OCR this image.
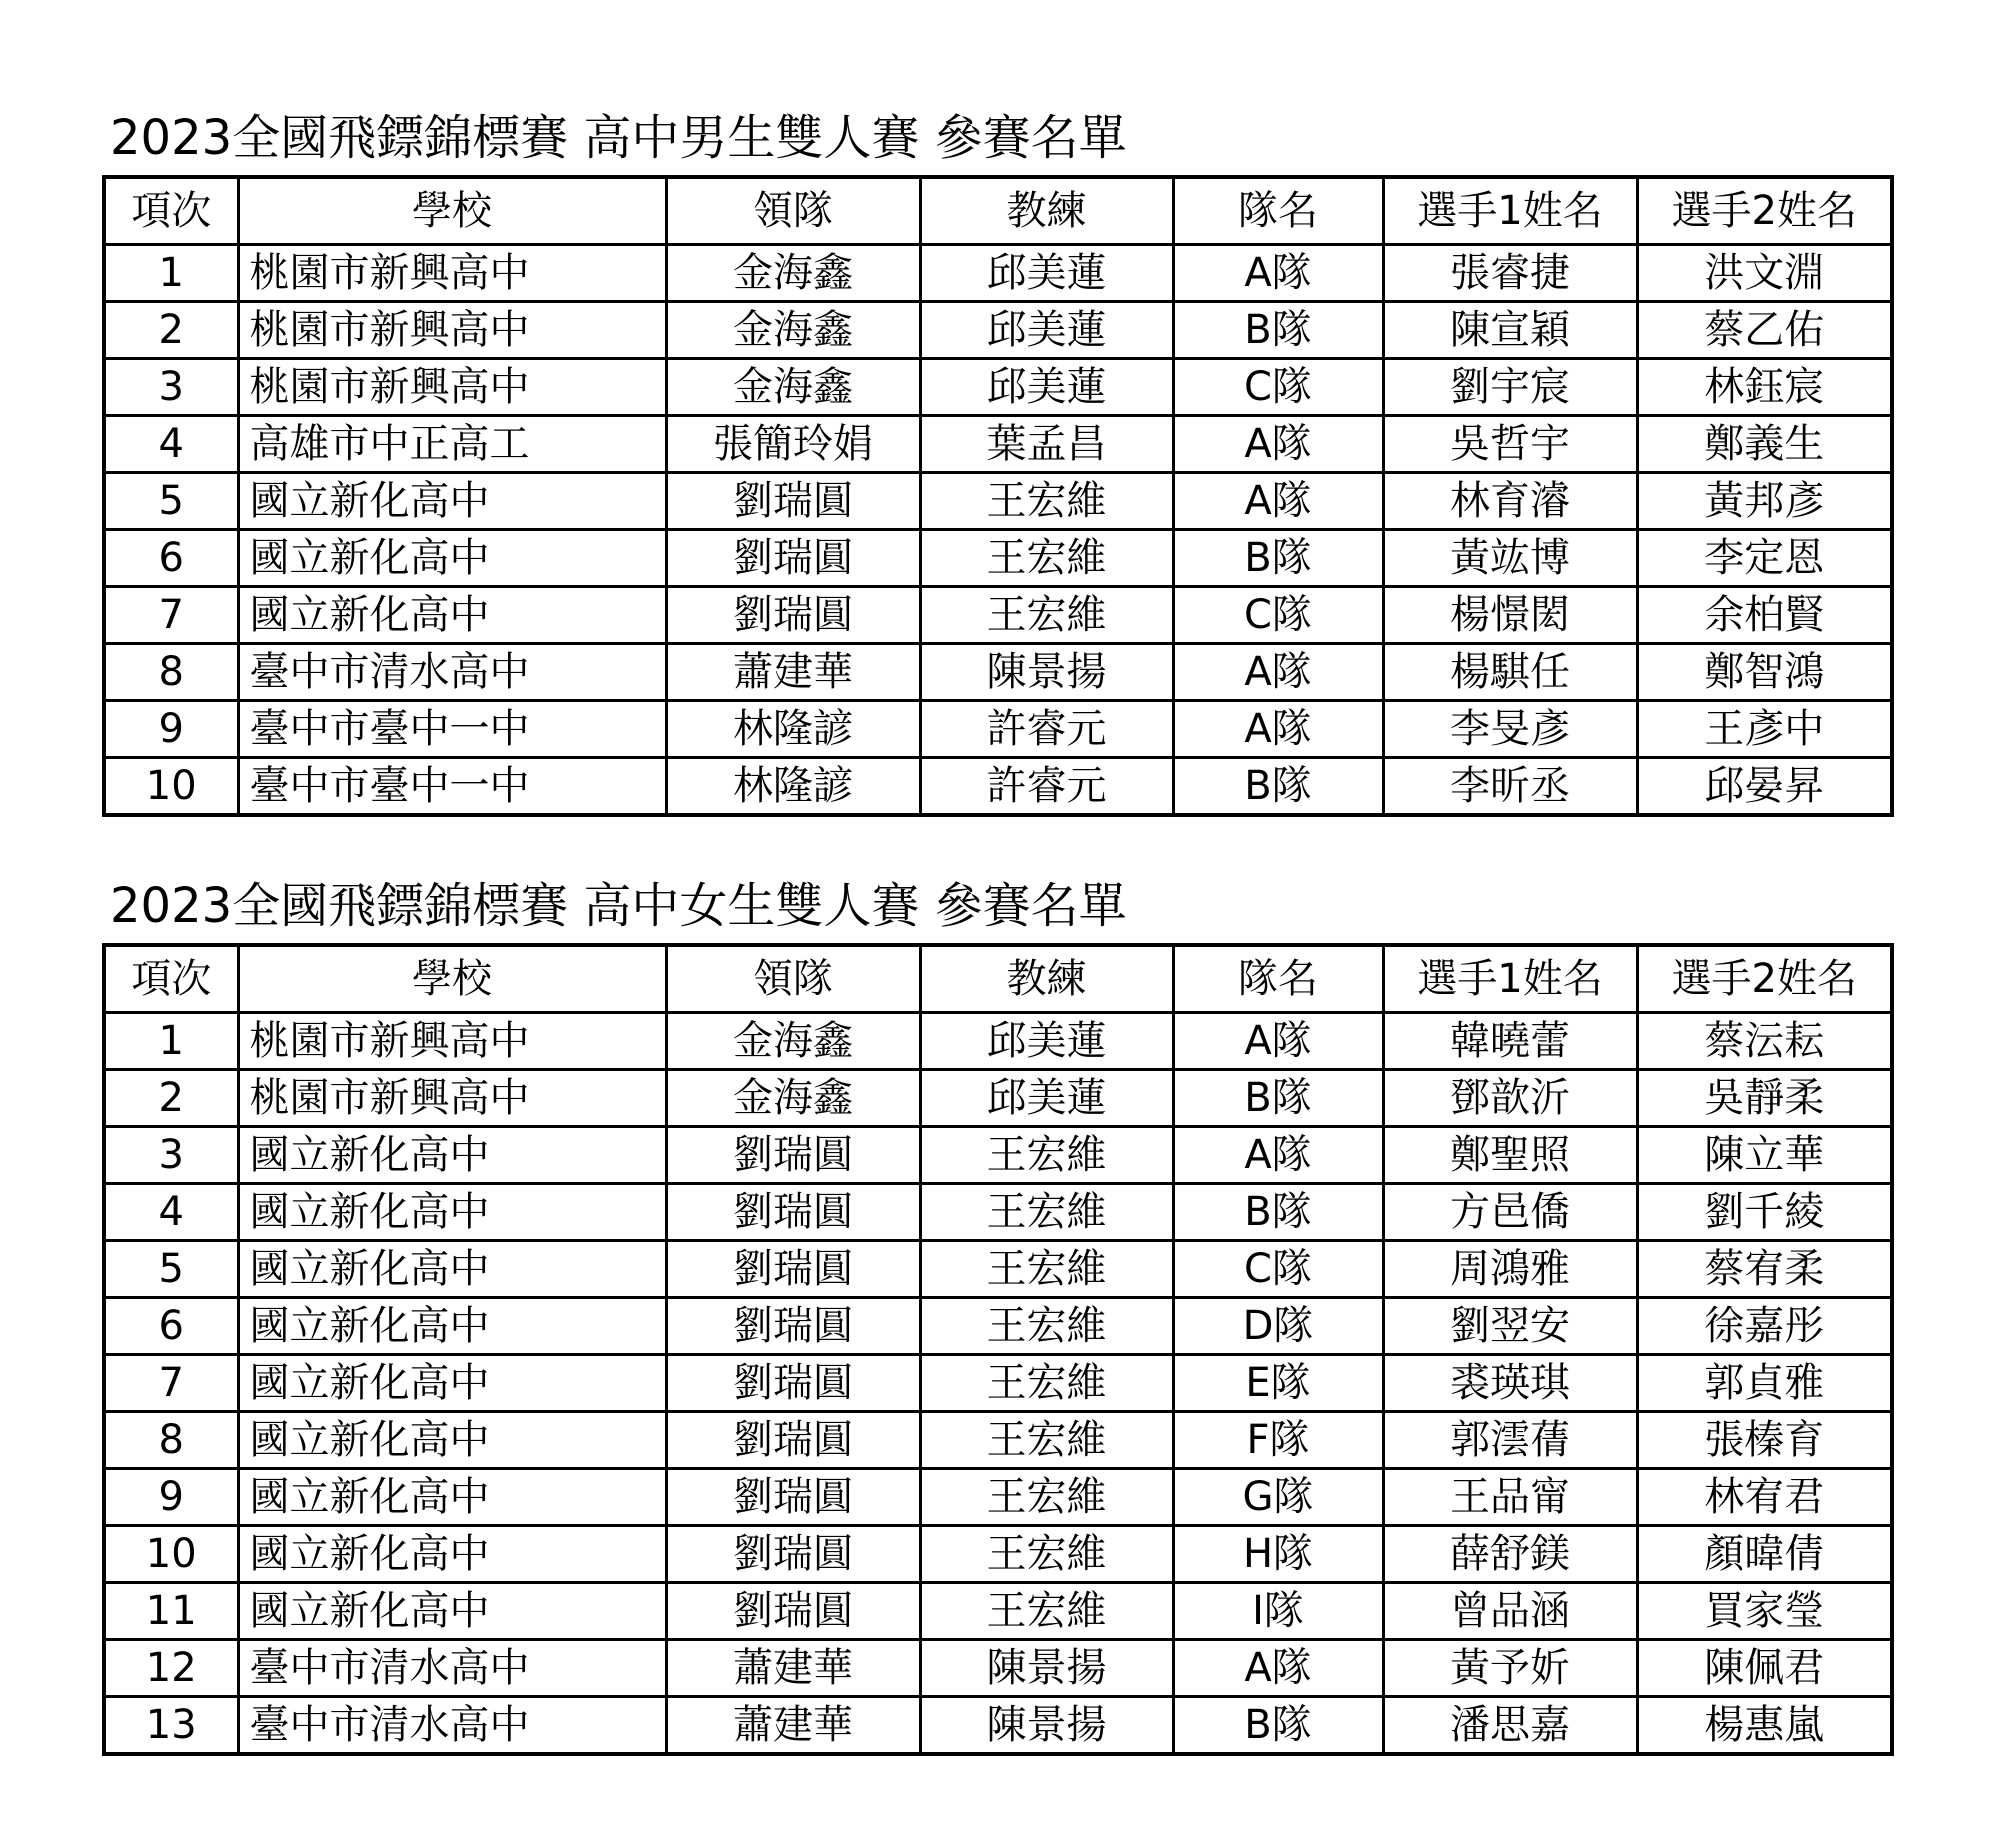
2023全國飛鏢錦標賽 高中男生雙人賽 參賽名單
項次	學校	領隊	教練	隊名	選手1姓名	選手2姓名
1	桃園市新興高中	金海鑫	邱美蓮	A隊	張睿捷	洪文淵
2	桃園市新興高中	金海鑫	邱美蓮	B隊	陳宣穎	蔡乙佑
3	桃園市新興高中	金海鑫	邱美蓮	C隊	劉宇宸	林鈺宸
4	高雄市中正高工	張簡玲娟	葉孟昌	A隊	吳哲宇	鄭義生
5	國立新化高中	劉瑞圓	王宏維	A隊	林育濬	黃邦彥
6	國立新化高中	劉瑞圓	王宏維	B隊	黃竑博	李定恩
7	國立新化高中	劉瑞圓	王宏維	C隊	楊憬閎	余柏賢
8	臺中市清水高中	蕭建華	陳景揚	A隊	楊騏任	鄭智鴻
9	臺中市臺中一中	林隆諺	許睿元	A隊	李旻彥	王彥中
10	臺中市臺中一中	林隆諺	許睿元	B隊	李昕丞	邱晏昇
2023全國飛鏢錦標賽 高中女生雙人賽 參賽名單
項次	學校	領隊	教練	隊名	選手1姓名	選手2姓名
1	桃園市新興高中	金海鑫	邱美蓮	A隊	韓曉蕾	蔡沄耘
2	桃園市新興高中	金海鑫	邱美蓮	B隊	鄧歆沂	吳靜柔
3	國立新化高中	劉瑞圓	王宏維	A隊	鄭聖照	陳立華
4	國立新化高中	劉瑞圓	王宏維	B隊	方邑僑	劉千綾
5	國立新化高中	劉瑞圓	王宏維	C隊	周鴻雅	蔡宥柔
6	國立新化高中	劉瑞圓	王宏維	D隊	劉翌安	徐嘉彤
7	國立新化高中	劉瑞圓	王宏維	E隊	裘瑛琪	郭貞雅
8	國立新化高中	劉瑞圓	王宏維	F隊	郭澐蒨	張榛育
9	國立新化高中	劉瑞圓	王宏維	G隊	王品甯	林宥君
10	國立新化高中	劉瑞圓	王宏維	H隊	薛舒鎂	顏暐倩
11	國立新化高中	劉瑞圓	王宏維	I隊	曾品涵	買家瑩
12	臺中市清水高中	蕭建華	陳景揚	A隊	黃予妡	陳佩君
13	臺中市清水高中	蕭建華	陳景揚	B隊	潘思嘉	楊惠嵐
